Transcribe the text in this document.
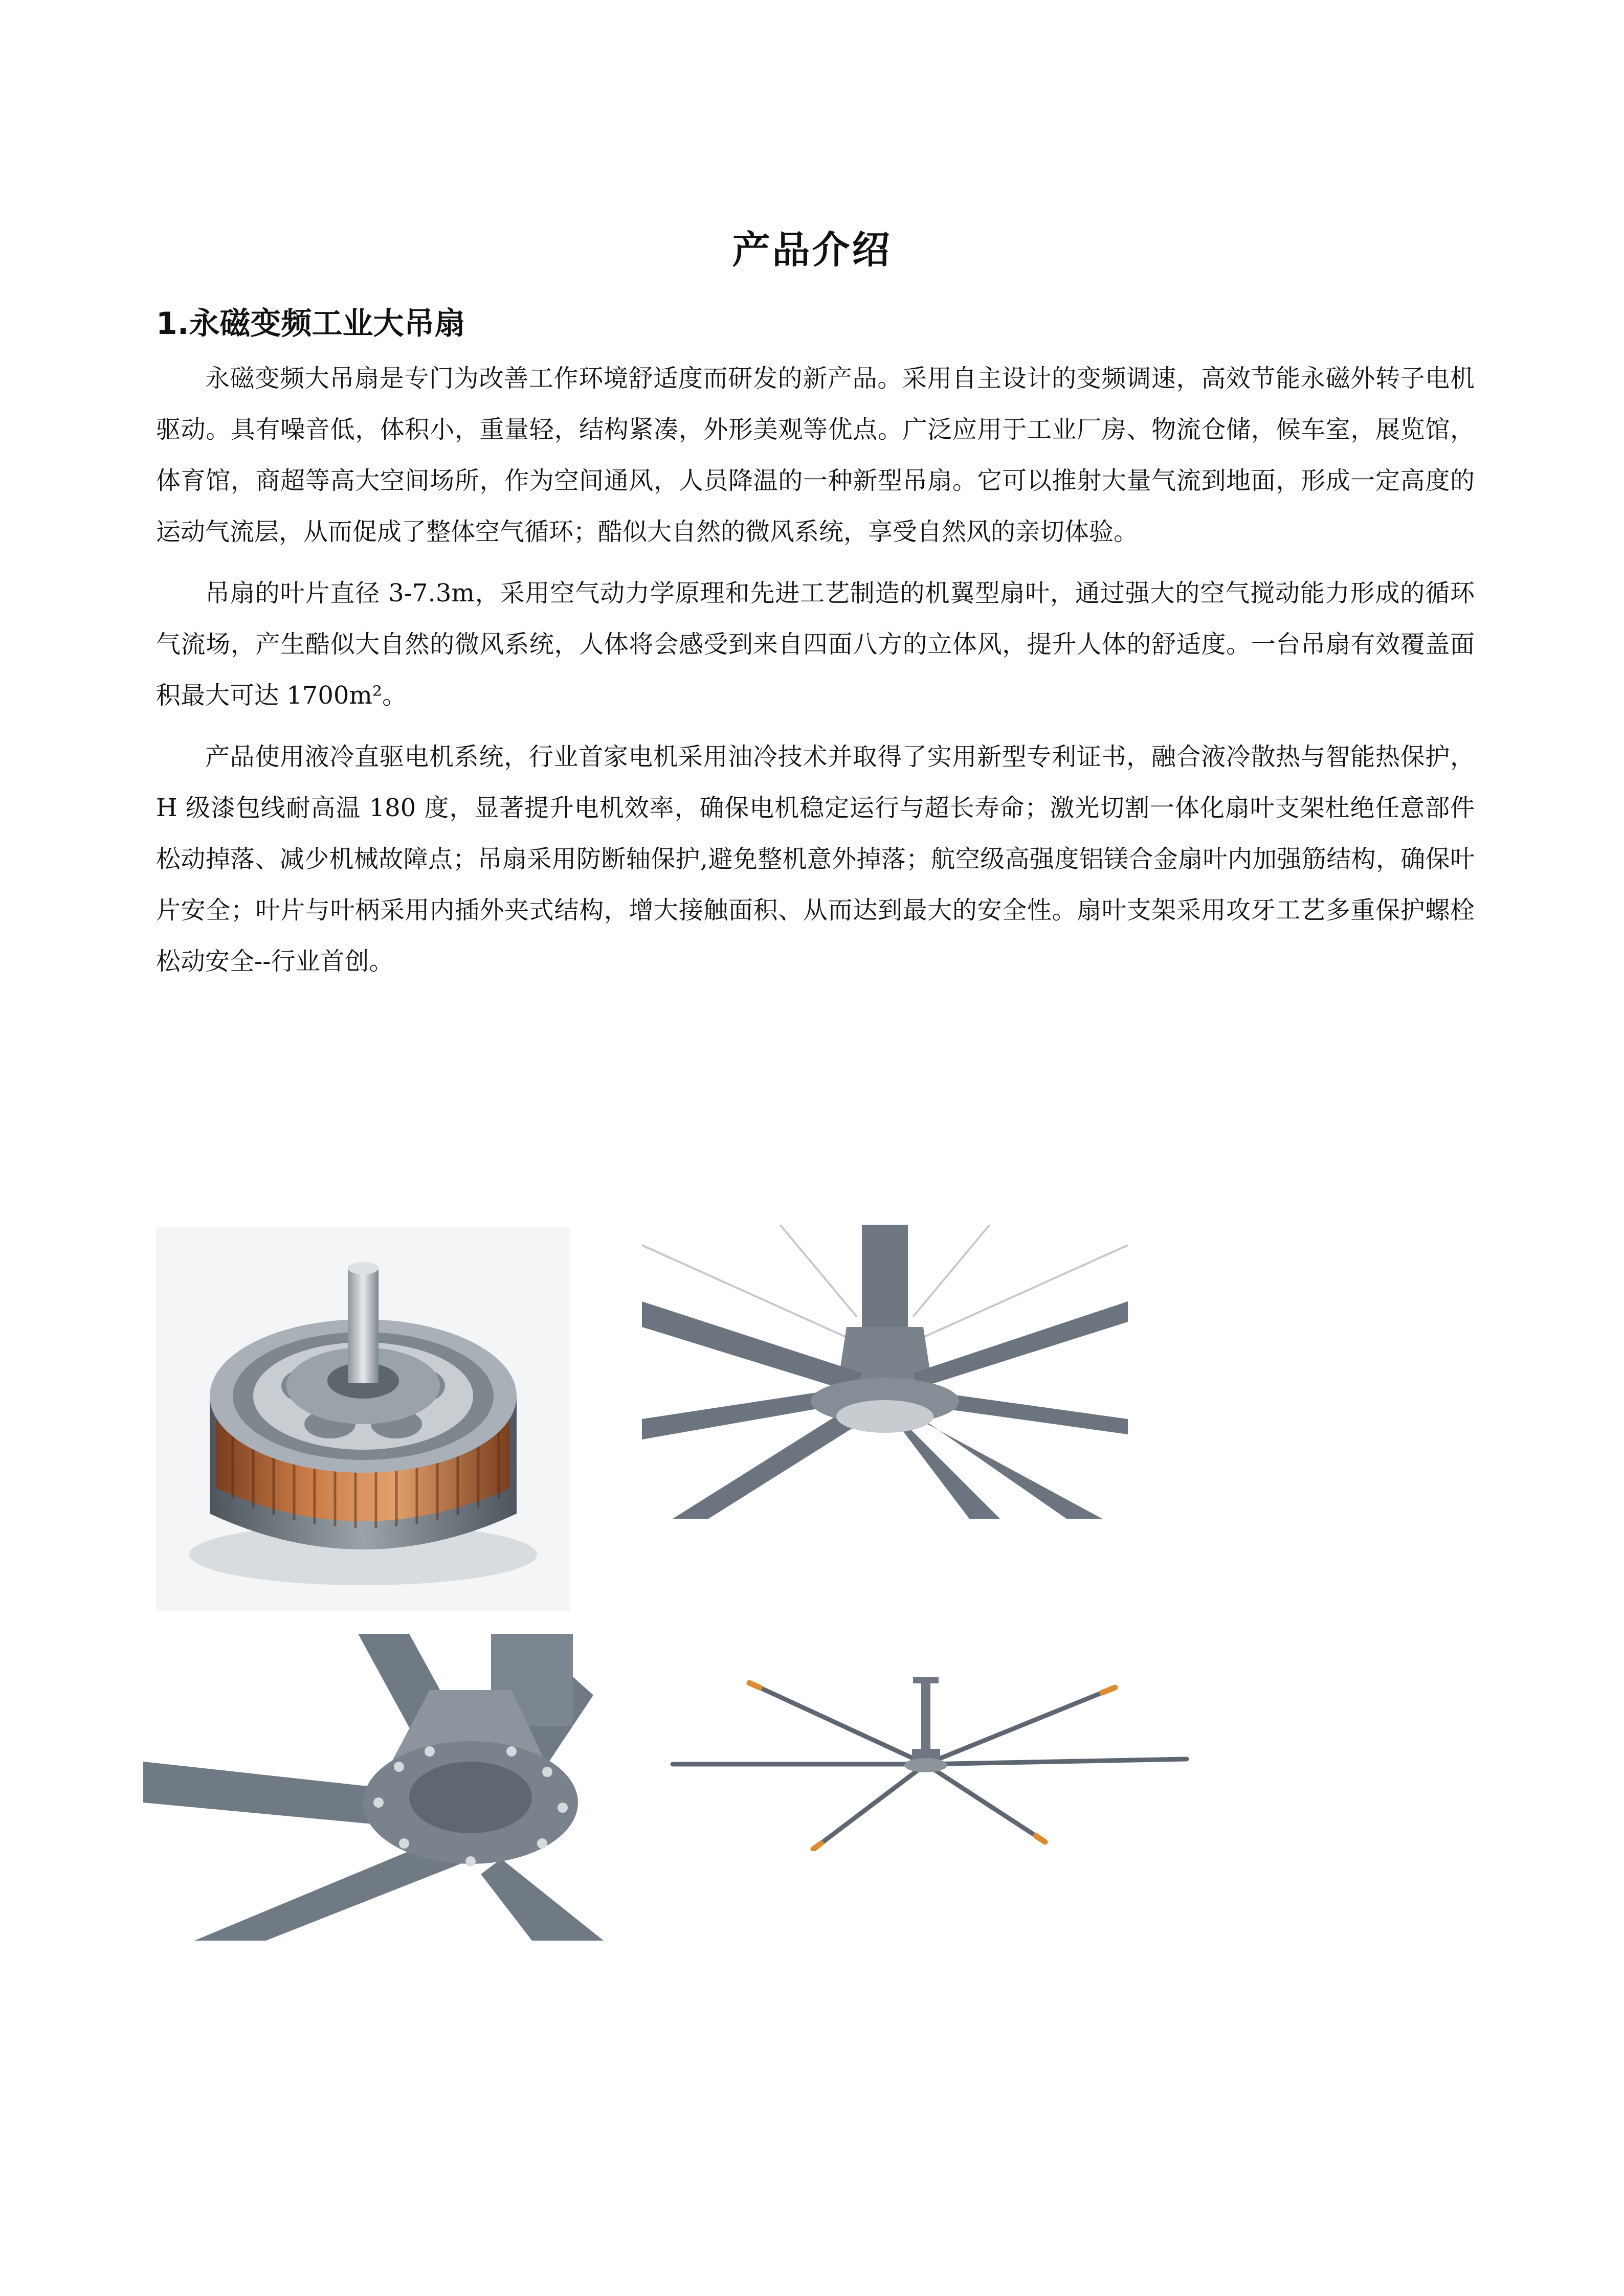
产品介绍
1.永磁变频工业大吊扇

永磁变频大吊扇是专门为改善工作环境舒适度而研发的新产品。采用自主设计的变频调速，高效节能永磁外转子电机驱动。具有噪音低，体积小，重量轻，结构紧凑，外形美观等优点。广泛应用于工业厂房、物流仓储，候车室，展览馆，体育馆，商超等高大空间场所，作为空间通风，人员降温的一种新型吊扇。它可以推射大量气流到地面，形成一定高度的运动气流层，从而促成了整体空气循环；酷似大自然的微风系统，享受自然风的亲切体验。

吊扇的叶片直径 3-7.3m，采用空气动力学原理和先进工艺制造的机翼型扇叶，通过强大的空气搅动能力形成的循环气流场，产生酷似大自然的微风系统，人体将会感受到来自四面八方的立体风，提升人体的舒适度。一台吊扇有效覆盖面积最大可达 1700m²。

产品使用液冷直驱电机系统，行业首家电机采用油冷技术并取得了实用新型专利证书，融合液冷散热与智能热保护，H 级漆包线耐高温 180 度，显著提升电机效率，确保电机稳定运行与超长寿命；激光切割一体化扇叶支架杜绝任意部件松动掉落、减少机械故障点；吊扇采用防断轴保护,避免整机意外掉落；航空级高强度铝镁合金扇叶内加强筋结构，确保叶片安全；叶片与叶柄采用内插外夹式结构，增大接触面积、从而达到最大的安全性。扇叶支架采用攻牙工艺多重保护螺栓松动安全--行业首创。
